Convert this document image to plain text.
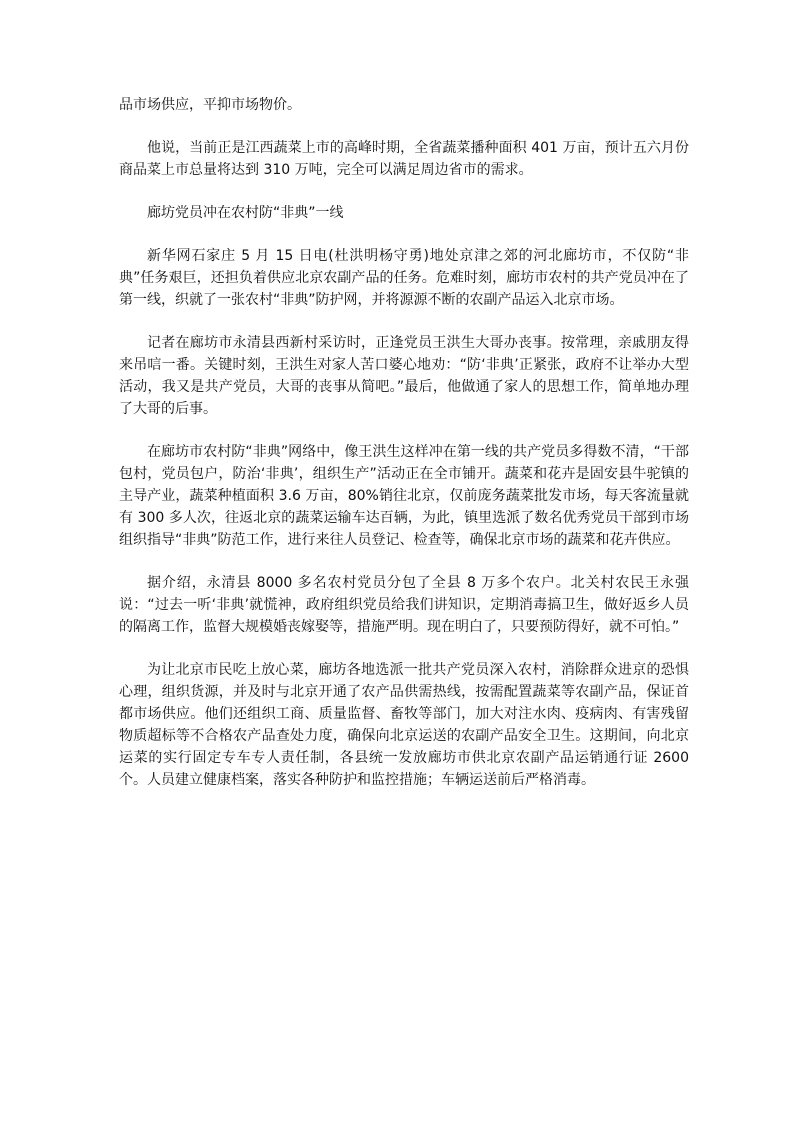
品市场供应，平抑市场物价。

他说，当前正是江西蔬菜上市的高峰时期，全省蔬菜播种面积 401 万亩，预计五六月份商品菜上市总量将达到 310 万吨，完全可以满足周边省市的需求。

廊坊党员冲在农村防“非典”一线

新华网石家庄 5 月 15 日电(杜洪明杨守勇)地处京津之郊的河北廊坊市，不仅防“非典”任务艰巨，还担负着供应北京农副产品的任务。危难时刻，廊坊市农村的共产党员冲在了第一线，织就了一张农村“非典”防护网，并将源源不断的农副产品运入北京市场。

记者在廊坊市永清县西新村采访时，正逢党员王洪生大哥办丧事。按常理，亲戚朋友得来吊唁一番。关键时刻，王洪生对家人苦口婆心地劝：“防‘非典’正紧张，政府不让举办大型活动，我又是共产党员，大哥的丧事从简吧。”最后，他做通了家人的思想工作，简单地办理了大哥的后事。

在廊坊市农村防“非典”网络中，像王洪生这样冲在第一线的共产党员多得数不清，“干部包村，党员包户，防治‘非典’，组织生产”活动正在全市铺开。蔬菜和花卉是固安县牛驼镇的主导产业，蔬菜种植面积 3.6 万亩，80%销往北京，仅前庞务蔬菜批发市场，每天客流量就有 300 多人次，往返北京的蔬菜运输车达百辆，为此，镇里选派了数名优秀党员干部到市场组织指导“非典”防范工作，进行来往人员登记、检查等，确保北京市场的蔬菜和花卉供应。

据介绍，永清县 8000 多名农村党员分包了全县 8 万多个农户。北关村农民王永强说：“过去一听‘非典’就慌神，政府组织党员给我们讲知识，定期消毒搞卫生，做好返乡人员的隔离工作，监督大规模婚丧嫁娶等，措施严明。现在明白了，只要预防得好，就不可怕。”

为让北京市民吃上放心菜，廊坊各地选派一批共产党员深入农村，消除群众进京的恐惧心理，组织货源，并及时与北京开通了农产品供需热线，按需配置蔬菜等农副产品，保证首都市场供应。他们还组织工商、质量监督、畜牧等部门，加大对注水肉、疫病肉、有害残留物质超标等不合格农产品查处力度，确保向北京运送的农副产品安全卫生。这期间，向北京运菜的实行固定专车专人责任制，各县统一发放廊坊市供北京农副产品运销通行证 2600 个。人员建立健康档案，落实各种防护和监控措施；车辆运送前后严格消毒。
